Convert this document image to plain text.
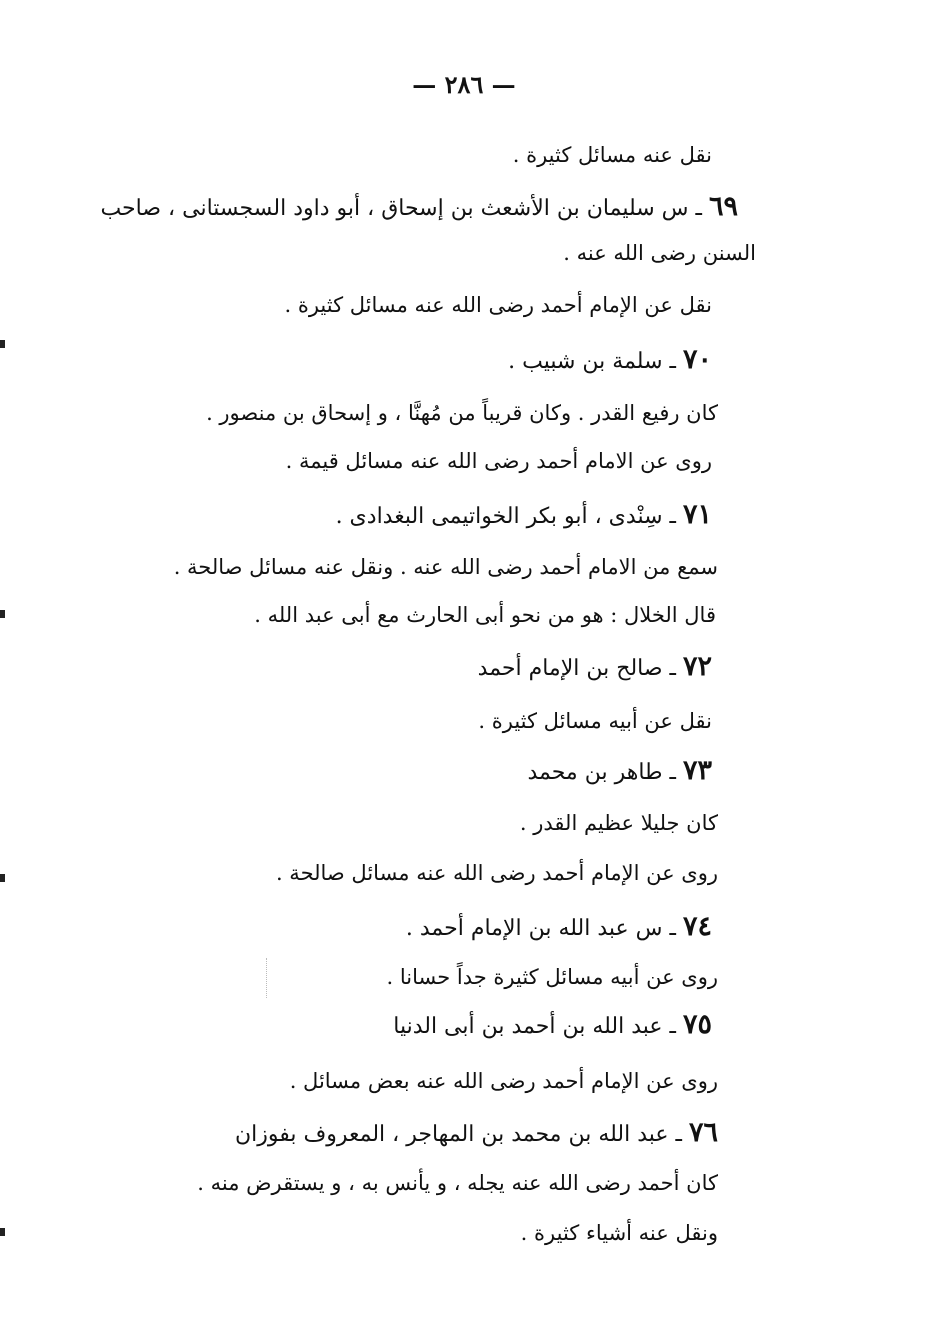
— ٢٨٦ —
نقل عنه مسائل كثيرة .
٦٩ ـ س سليمان بن الأشعث بن إسحاق ، أبو داود السجستانى ، صاحب
السنن رضى الله عنه .
نقل عن الإمام أحمد رضى الله عنه مسائل كثيرة .
٧٠ ـ سلمة بن شبيب .
كان رفيع القدر . وكان قريباً من مُهنَّا ، و إسحاق بن منصور .
روى عن الامام أحمد رضى الله عنه مسائل قيمة .
٧١ ـ سِنْدى ، أبو بكر الخواتيمى البغدادى .
سمع من الامام أحمد رضى الله عنه . ونقل عنه مسائل صالحة .
قال الخلال : هو من نحو أبى الحارث مع أبى عبد الله .
٧٢ ـ صالح بن الإمام أحمد
نقل عن أبيه مسائل كثيرة .
٧٣ ـ طاهر بن محمد
كان جليلا عظيم القدر .
روى عن الإمام أحمد رضى الله عنه مسائل صالحة .
٧٤ ـ س عبد الله بن الإمام أحمد .
روى عن أبيه مسائل كثيرة جداً حسانا .
٧٥ ـ عبد الله بن أحمد بن أبى الدنيا
روى عن الإمام أحمد رضى الله عنه بعض مسائل .
٧٦ ـ عبد الله بن محمد بن المهاجر ، المعروف بفوزان
كان أحمد رضى الله عنه يجله ، و يأنس به ، و يستقرض منه .
ونقل عنه أشياء كثيرة .
